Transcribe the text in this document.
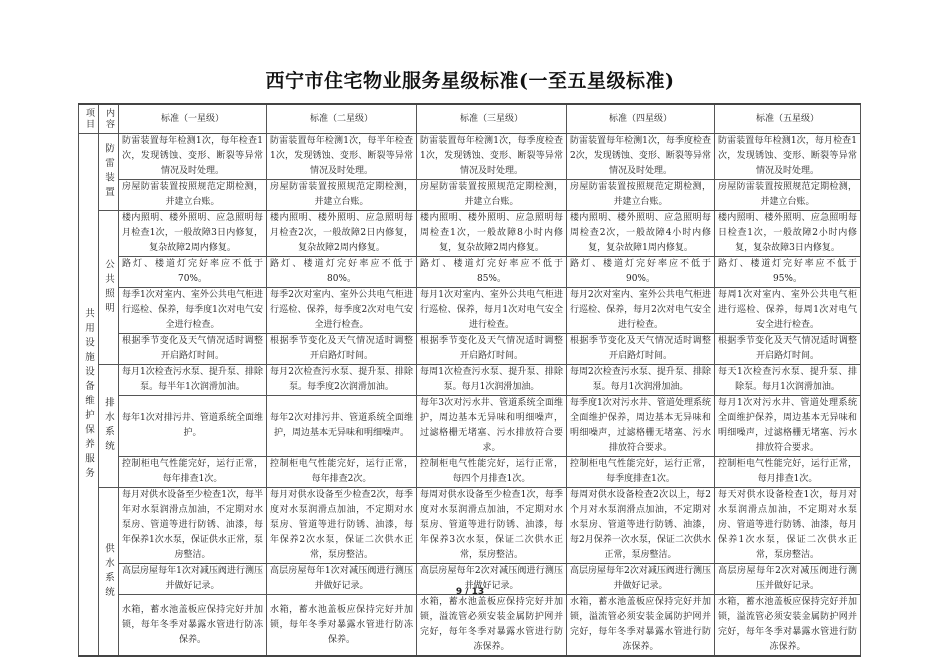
西宁市住宅物业服务星级标准(一至五星级标准)
项目	内容	标准（一星级）	标准（二星级）	标准（三星级）	标准（四星级）	标准（五星级）
共用设施设备维护保养服务	防雷装置	防雷装置每年检测1次，每年检查1次，发现锈蚀、变形、断裂等异常情况及时处理。	防雷装置每年检测1次，每半年检查1次，发现锈蚀、变形、断裂等异常情况及时处理。	防雷装置每年检测1次，每季度检查1次，发现锈蚀、变形、断裂等异常情况及时处理。	防雷装置每年检测1次，每季度检查2次，发现锈蚀、变形、断裂等异常情况及时处理。	防雷装置每年检测1次，每月检查1次，发现锈蚀、变形、断裂等异常情况及时处理。
		房屋防雷装置按照规范定期检测，并建立台账。	房屋防雷装置按照规范定期检测，并建立台账。	房屋防雷装置按照规范定期检测，并建立台账。	房屋防雷装置按照规范定期检测，并建立台账。	房屋防雷装置按照规范定期检测，并建立台账。
	公共照明	楼内照明、楼外照明、应急照明每月检查1次，一般故障3日内修复，复杂故障2周内修复。	楼内照明、楼外照明、应急照明每月检查2次，一般故障2日内修复，复杂故障2周内修复。	楼内照明、楼外照明、应急照明每周检查1次，一般故障8小时内修复，复杂故障2周内修复。	楼内照明、楼外照明、应急照明每周检查2次，一般故障4小时内修复，复杂故障1周内修复。	楼内照明、楼外照明、应急照明每日检查1次，一般故障2小时内修复，复杂故障3日内修复。
		路灯、楼道灯完好率应不低于70%。	路灯、楼道灯完好率应不低于80%。	路灯、楼道灯完好率应不低于85%。	路灯、楼道灯完好率应不低于90%。	路灯、楼道灯完好率应不低于95%。
		每季1次对室内、室外公共电气柜进行巡检、保养，每季度1次对电气安全进行检查。	每季2次对室内、室外公共电气柜进行巡检、保养，每季度2次对电气安全进行检查。	每月1次对室内、室外公共电气柜进行巡检、保养，每月1次对电气安全进行检查。	每月2次对室内、室外公共电气柜进行巡检、保养，每月2次对电气安全进行检查。	每周1次对室内、室外公共电气柜进行巡检、保养，每周1次对电气安全进行检查。
		根据季节变化及天气情况适时调整开启路灯时间。	根据季节变化及天气情况适时调整开启路灯时间。	根据季节变化及天气情况适时调整开启路灯时间。	根据季节变化及天气情况适时调整开启路灯时间。	根据季节变化及天气情况适时调整开启路灯时间。
	排水系统	每月1次检查污水泵、提升泵、排除泵。每半年1次润滑加油。	每月2次检查污水泵、提升泵、排除泵。每季度2次润滑加油。	每周1次检查污水泵、提升泵、排除泵。每月1次润滑加油。	每周2次检查污水泵、提升泵、排除泵。每月1次润滑加油。	每天1次检查污水泵、提升泵、排除泵。每月1次润滑加油。
		每年1次对排污井、管道系统全面维护。	每年2次对排污井、管道系统全面维护，周边基本无异味和明细噪声。	每年3次对污水井、管道系统全面维护，周边基本无异味和明细噪声，过滤格栅无堵塞、污水排放符合要求。	每季度1次对污水井、管道处理系统全面维护保养，周边基本无异味和明细噪声，过滤格栅无堵塞、污水排放符合要求。	每月1次对污水井、管道处理系统全面维护保养，周边基本无异味和明细噪声，过滤格栅无堵塞、污水排放符合要求。
		控制柜电气性能完好，运行正常，每年排查1次。	控制柜电气性能完好，运行正常，每年排查2次。	控制柜电气性能完好，运行正常，每四个月排查1次。	控制柜电气性能完好，运行正常，每季度排查1次。	控制柜电气性能完好，运行正常，每月排查1次。
	供水系统	每月对供水设备至少检查1次，每半年对水泵润滑点加油，不定期对水泵房、管道等进行防锈、油漆，每年保养1次水泵，保证供水正常，泵房整洁。	每月对供水设备至少检查2次，每季度对水泵润滑点加油，不定期对水泵房、管道等进行防锈、油漆，每年保养2次水泵，保证二次供水正常，泵房整洁。	每周对供水设备至少检查1次，每季度对水泵润滑点加油，不定期对水泵房、管道等进行防锈、油漆，每年保养3次水泵，保证二次供水正常，泵房整洁。	每周对供水设备检查2次以上，每2个月对水泵润滑点加油，不定期对水泵房、管道等进行防锈、油漆，每2月保养一次水泵，保证二次供水正常，泵房整洁。	每天对供水设备检查1次，每月对水泵润滑点加油，不定期对水泵房、管道等进行防锈、油漆，每月保养1次水泵，保证二次供水正常，泵房整洁。
		高层房屋每年1次对减压阀进行测压并做好记录。	高层房屋每年1次对减压阀进行测压并做好记录。	高层房屋每年2次对减压阀进行测压并做好记录。	高层房屋每年2次对减压阀进行测压并做好记录。	高层房屋每年2次对减压阀进行测压并做好记录。
		水箱，蓄水池盖板应保持完好并加锁，每年冬季对暴露水管进行防冻保养。	水箱，蓄水池盖板应保持完好并加锁，每年冬季对暴露水管进行防冻保养。	水箱，蓄水池盖板应保持完好并加锁，溢流管必须安装金属防护网并完好，每年冬季对暴露水管进行防冻保养。	水箱，蓄水池盖板应保持完好并加锁，溢流管必须安装金属防护网并完好，每年冬季对暴露水管进行防冻保养。	水箱，蓄水池盖板应保持完好并加锁，溢流管必须安装金属防护网并完好，每年冬季对暴露水管进行防冻保养。
9 / 13
